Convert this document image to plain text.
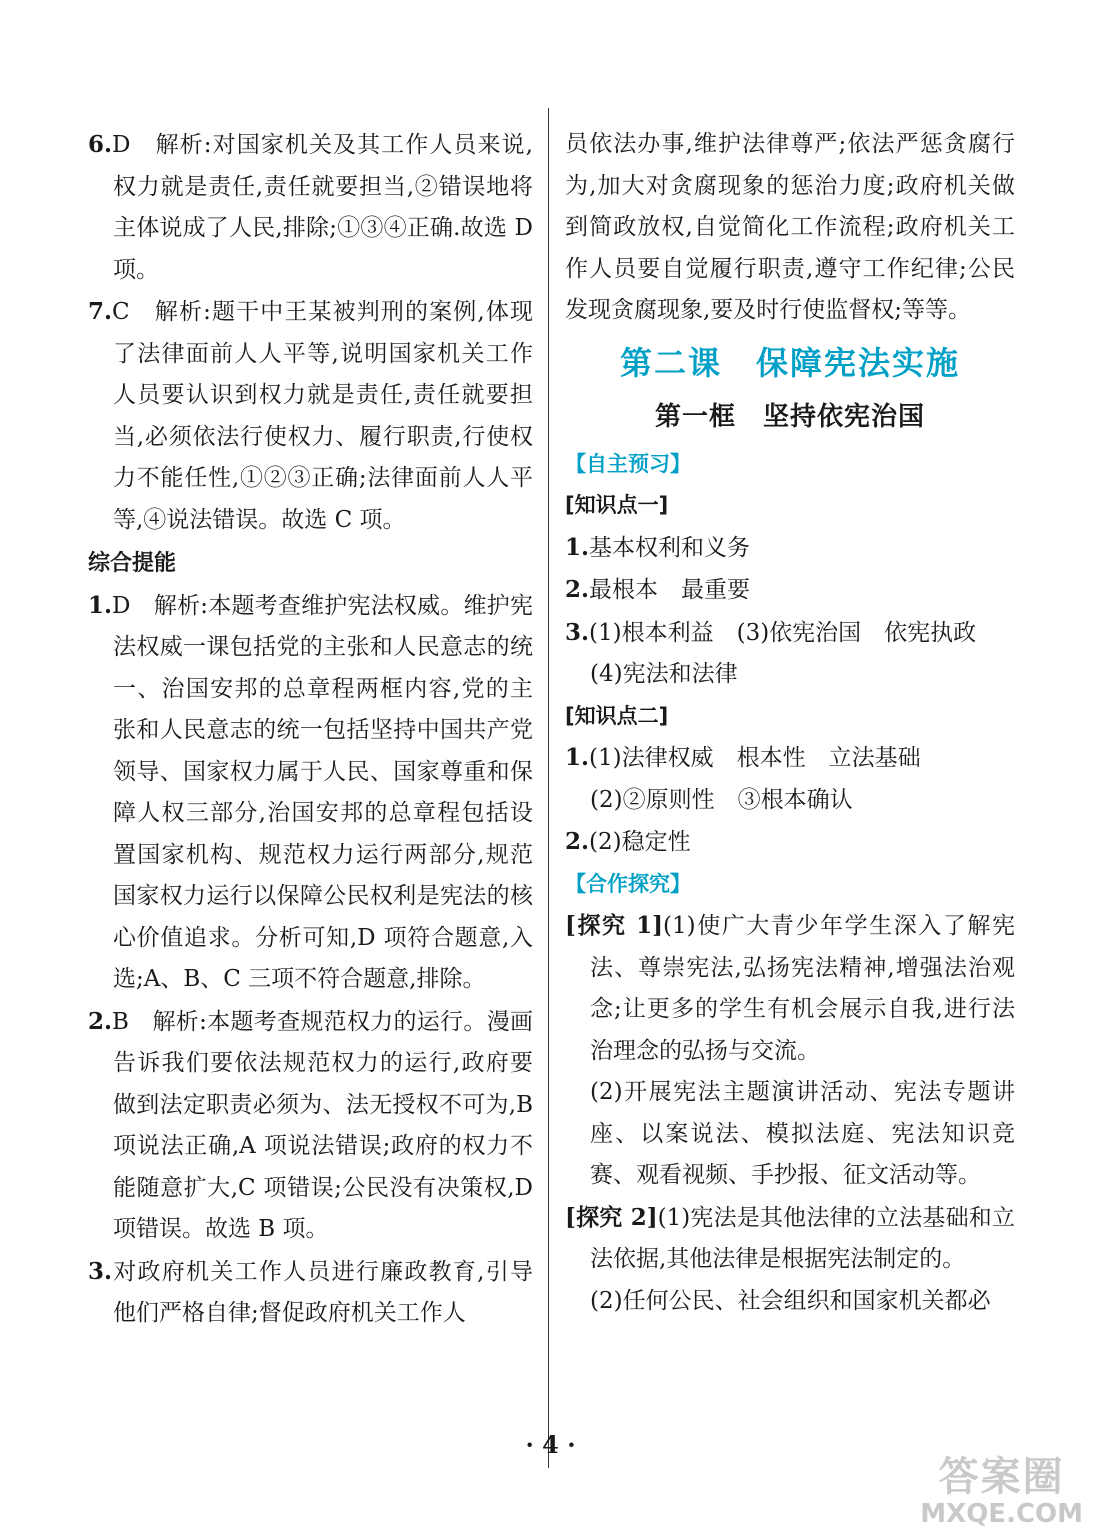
6.D　解析:对国家机关及其工作人员来说,权力就是责任,责任就要担当,②错误地将主体说成了人民,排除;①③④正确.故选 D 项。

7.C　解析:题干中王某被判刑的案例,体现了法律面前人人平等,说明国家机关工作人员要认识到权力就是责任,责任就要担当,必须依法行使权力、履行职责,行使权力不能任性,①②③正确;法律面前人人平等,④说法错误。故选 C 项。

综合提能

1.D　解析:本题考查维护宪法权威。维护宪法权威一课包括党的主张和人民意志的统一、治国安邦的总章程两框内容,党的主张和人民意志的统一包括坚持中国共产党领导、国家权力属于人民、国家尊重和保障人权三部分,治国安邦的总章程包括设置国家机构、规范权力运行两部分,规范国家权力运行以保障公民权利是宪法的核心价值追求。分析可知,D 项符合题意,入选;A、B、C 三项不符合题意,排除。

2.B　解析:本题考查规范权力的运行。漫画告诉我们要依法规范权力的运行,政府要做到法定职责必须为、法无授权不可为,B 项说法正确,A 项说法错误;政府的权力不能随意扩大,C 项错误;公民没有决策权,D 项错误。故选 B 项。

3.对政府机关工作人员进行廉政教育,引导他们严格自律;督促政府机关工作人

员依法办事,维护法律尊严;依法严惩贪腐行为,加大对贪腐现象的惩治力度;政府机关做到简政放权,自觉简化工作流程;政府机关工作人员要自觉履行职责,遵守工作纪律;公民发现贪腐现象,要及时行使监督权;等等。

第二课　保障宪法实施

第一框　坚持依宪治国

【自主预习】

[知识点一]

1.基本权利和义务

2.最根本　最重要

3.(1)根本利益　(3)依宪治国　依宪执政

(4)宪法和法律

[知识点二]

1.(1)法律权威　根本性　立法基础

(2)②原则性　③根本确认

2.(2)稳定性

【合作探究】

[探究 1](1)使广大青少年学生深入了解宪法、尊崇宪法,弘扬宪法精神,增强法治观念;让更多的学生有机会展示自我,进行法治理念的弘扬与交流。

(2)开展宪法主题演讲活动、宪法专题讲座、以案说法、模拟法庭、宪法知识竞赛、观看视频、手抄报、征文活动等。

[探究 2](1)宪法是其他法律的立法基础和立法依据,其他法律是根据宪法制定的。

(2)任何公民、社会组织和国家机关都必

· 4 ·
答案圈
MXQE.COM
